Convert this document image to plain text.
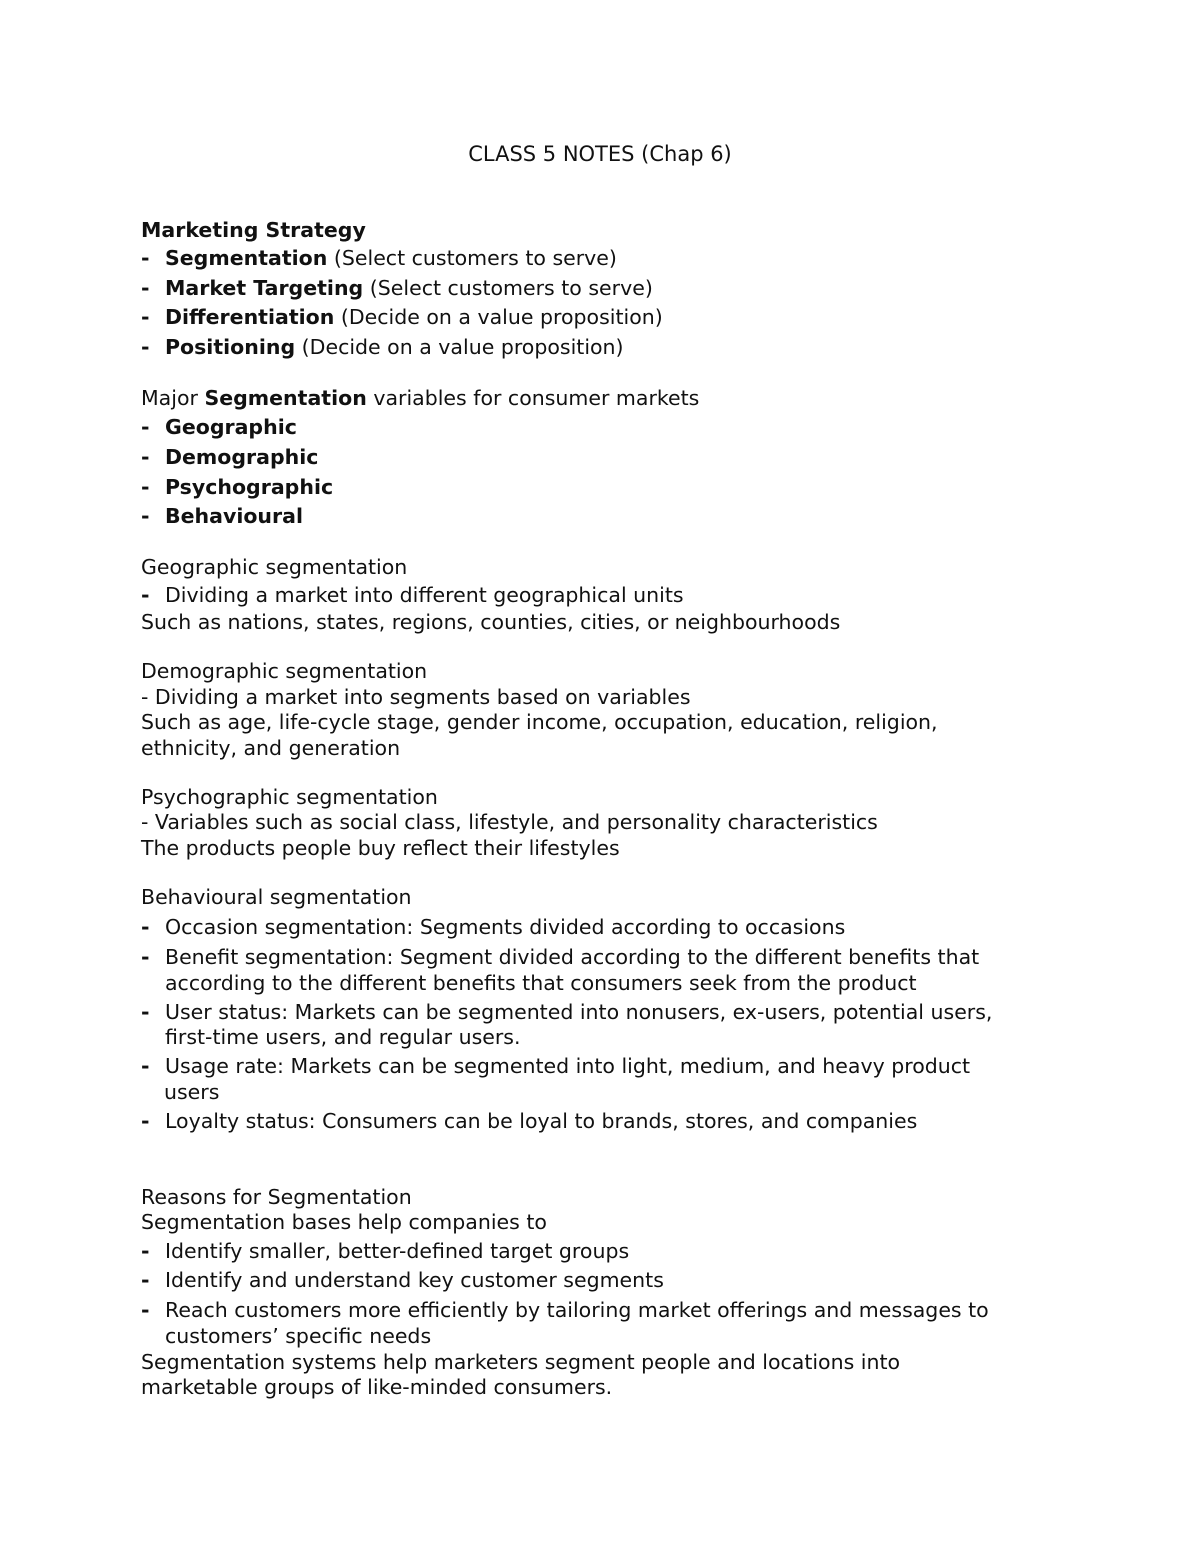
CLASS 5 NOTES (Chap 6)
Marketing Strategy
- Segmentation (Select customers to serve)
- Market Targeting (Select customers to serve)
- Differentiation (Decide on a value proposition)
- Positioning (Decide on a value proposition)
Major Segmentation variables for consumer markets
- Geographic
- Demographic
- Psychographic
- Behavioural
Geographic segmentation
- Dividing a market into different geographical units
Such as nations, states, regions, counties, cities, or neighbourhoods
Demographic segmentation
- Dividing a market into segments based on variables
Such as age, life-cycle stage, gender income, occupation, education, religion,
ethnicity, and generation
Psychographic segmentation
- Variables such as social class, lifestyle, and personality characteristics
The products people buy reflect their lifestyles
Behavioural segmentation
- Occasion segmentation: Segments divided according to occasions
- Benefit segmentation: Segment divided according to the different benefits that
according to the different benefits that consumers seek from the product
- User status: Markets can be segmented into nonusers, ex-users, potential users,
first-time users, and regular users.
- Usage rate: Markets can be segmented into light, medium, and heavy product
users
- Loyalty status: Consumers can be loyal to brands, stores, and companies
Reasons for Segmentation
Segmentation bases help companies to
- Identify smaller, better-defined target groups
- Identify and understand key customer segments
- Reach customers more efficiently by tailoring market offerings and messages to
customers’ specific needs
Segmentation systems help marketers segment people and locations into
marketable groups of like-minded consumers.
